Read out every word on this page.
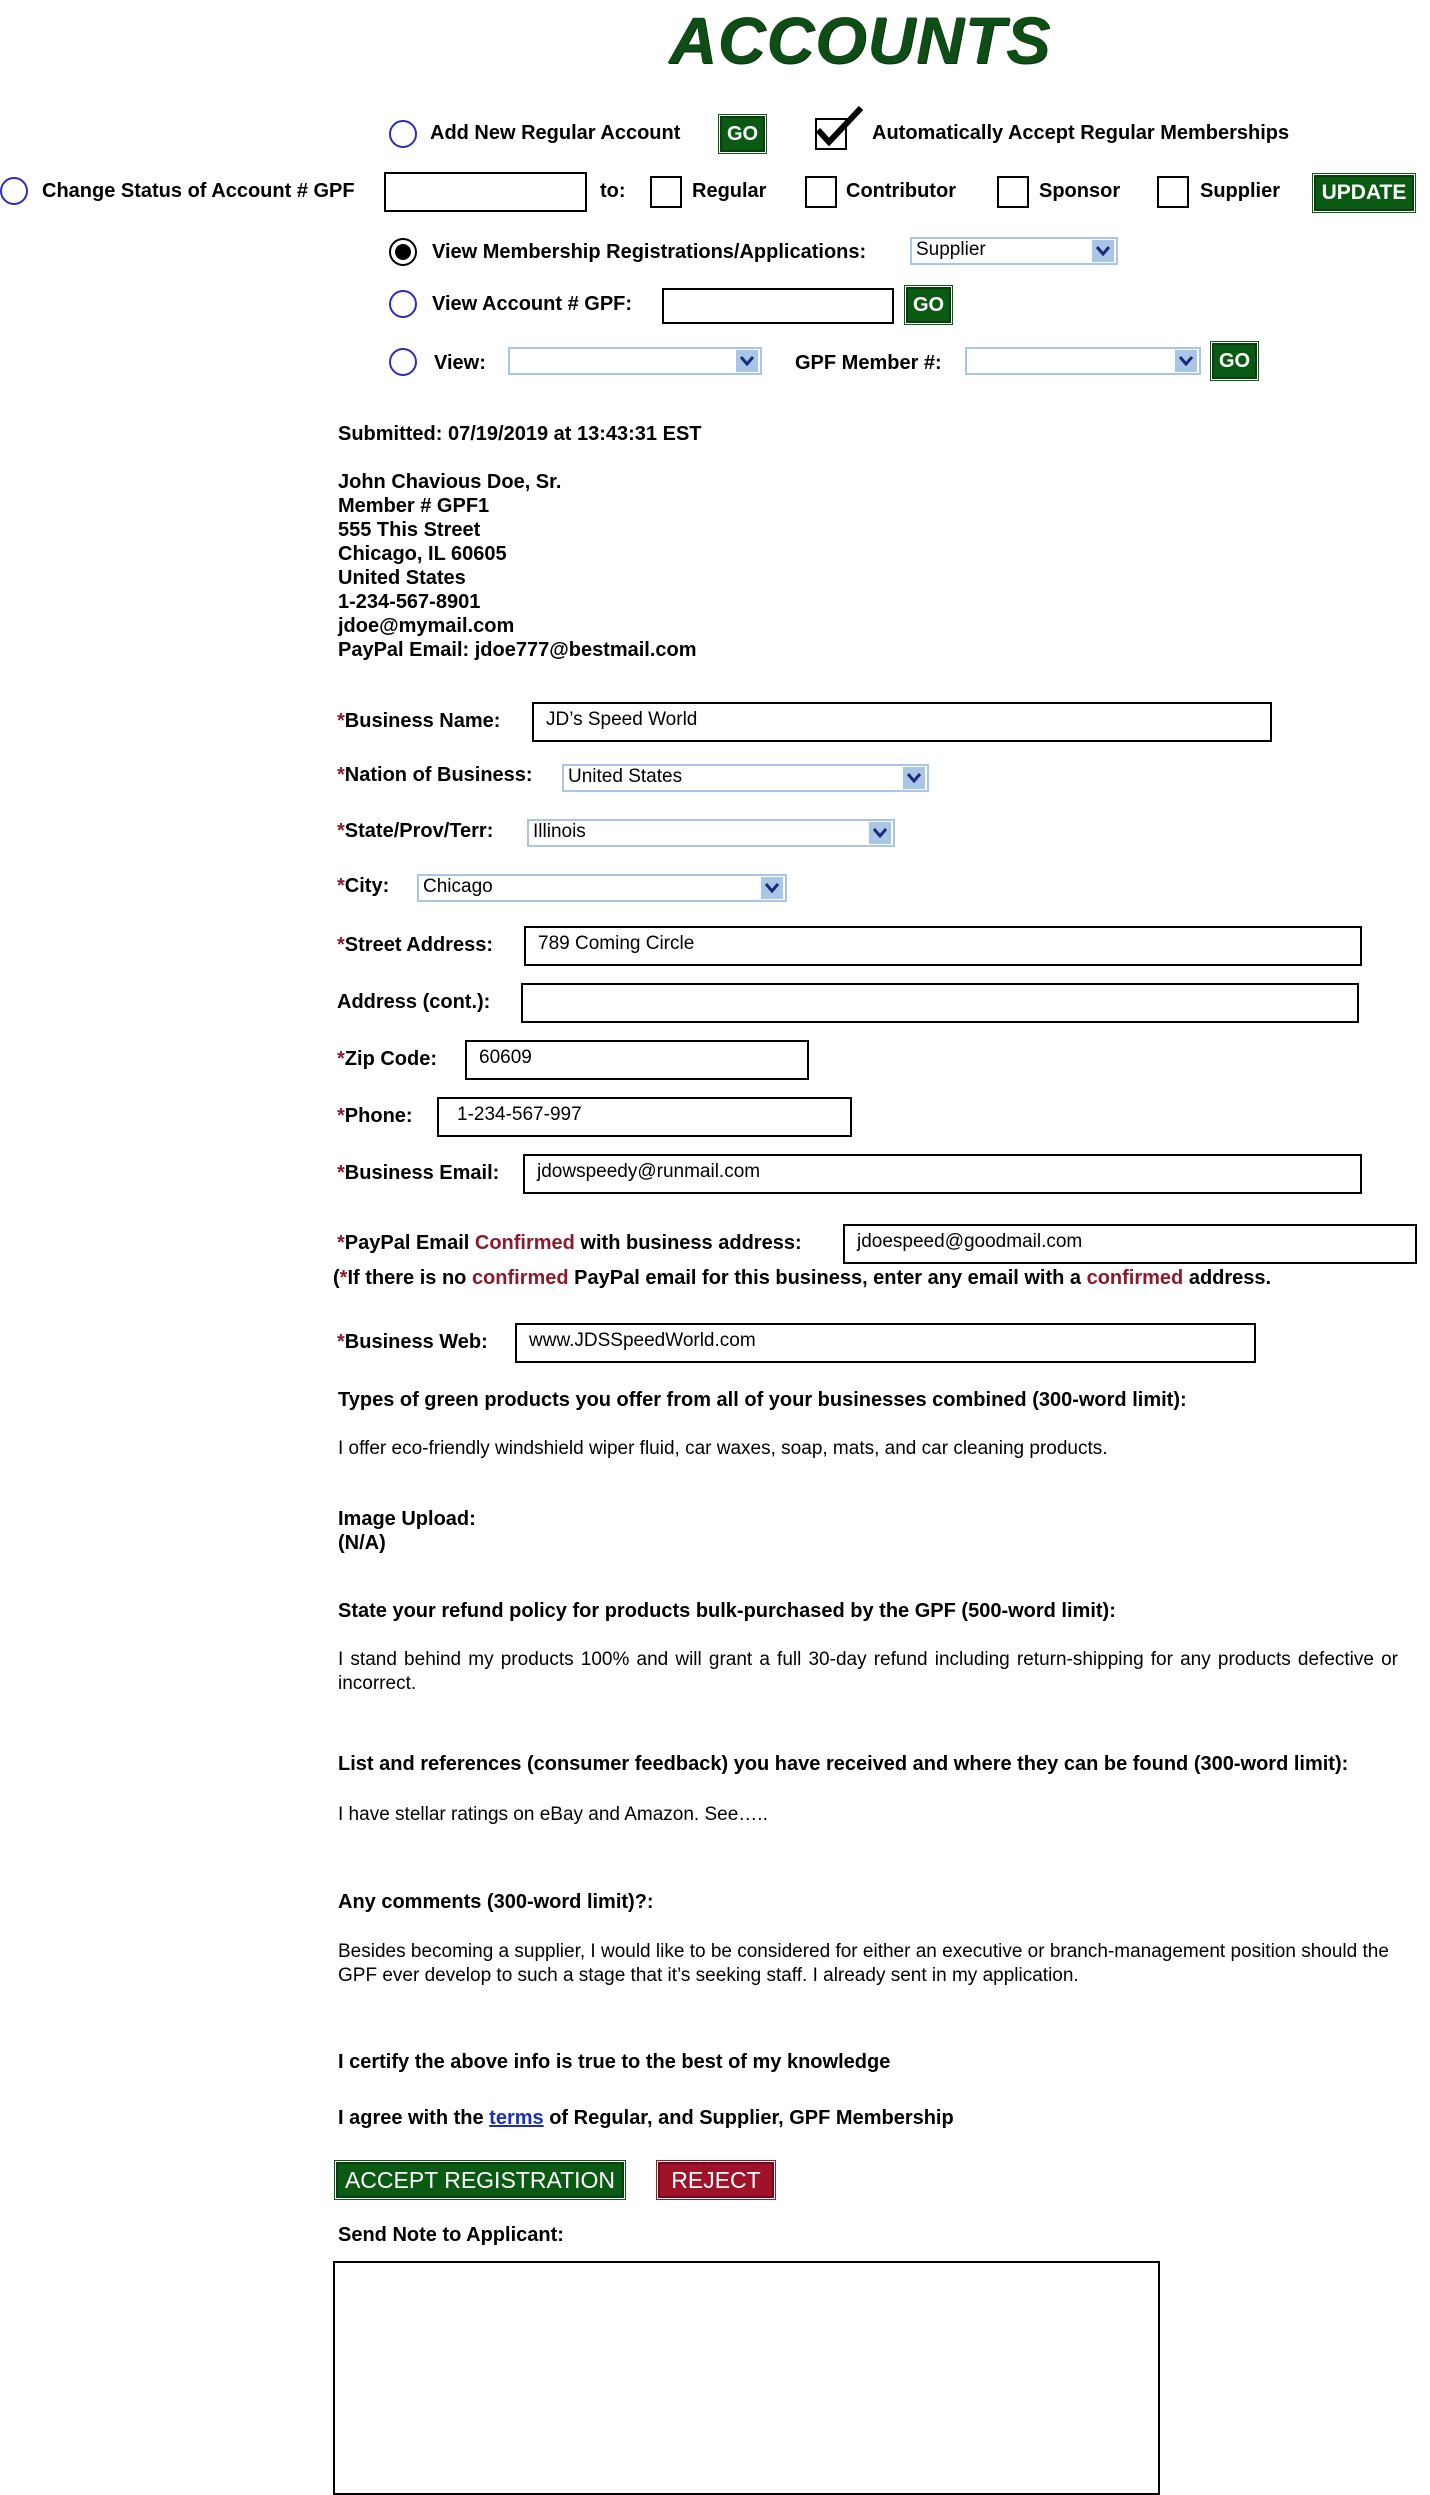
ACCOUNTS
Add New Regular Account	GO	Automatically Accept Regular Memberships
Change Status of Account # GPF	to:	Regular	Contributor	Sponsor	Supplier	UPDATE
View Membership Registrations/Applications:	Supplier
View Account # GPF:	GO
View:	GPF Member #:	GO
Submitted: 07/19/2019 at 13:43:31 EST
John Chavious Doe, Sr.
Member # GPF1
555 This Street
Chicago, IL 60605
United States
1-234-567-8901
jdoe@mymail.com
PayPal Email: jdoe777@bestmail.com
*Business Name:	JD’s Speed World
*Nation of Business:	United States
*State/Prov/Terr:	Illinois
*City:	Chicago
*Street Address:	789 Coming Circle
Address (cont.):
*Zip Code:	60609
*Phone:	1-234-567-997
*Business Email:	jdowspeedy@runmail.com
*PayPal Email Confirmed with business address:	jdoespeed@goodmail.com
(*If there is no confirmed PayPal email for this business, enter any email with a confirmed address.
*Business Web:	www.JDSSpeedWorld.com
Types of green products you offer from all of your businesses combined (300-word limit):
I offer eco-friendly windshield wiper fluid, car waxes, soap, mats, and car cleaning products.
Image Upload:
(N/A)
State your refund policy for products bulk-purchased by the GPF (500-word limit):
I stand behind my products 100% and will grant a full 30-day refund including return-shipping for any products defective or incorrect.
List and references (consumer feedback) you have received and where they can be found (300-word limit):
I have stellar ratings on eBay and Amazon. See…..
Any comments (300-word limit)?:
Besides becoming a supplier, I would like to be considered for either an executive or branch-management position should the GPF ever develop to such a stage that it’s seeking staff. I already sent in my application.
I certify the above info is true to the best of my knowledge
I agree with the terms of Regular, and Supplier, GPF Membership
ACCEPT REGISTRATION	REJECT
Send Note to Applicant:
